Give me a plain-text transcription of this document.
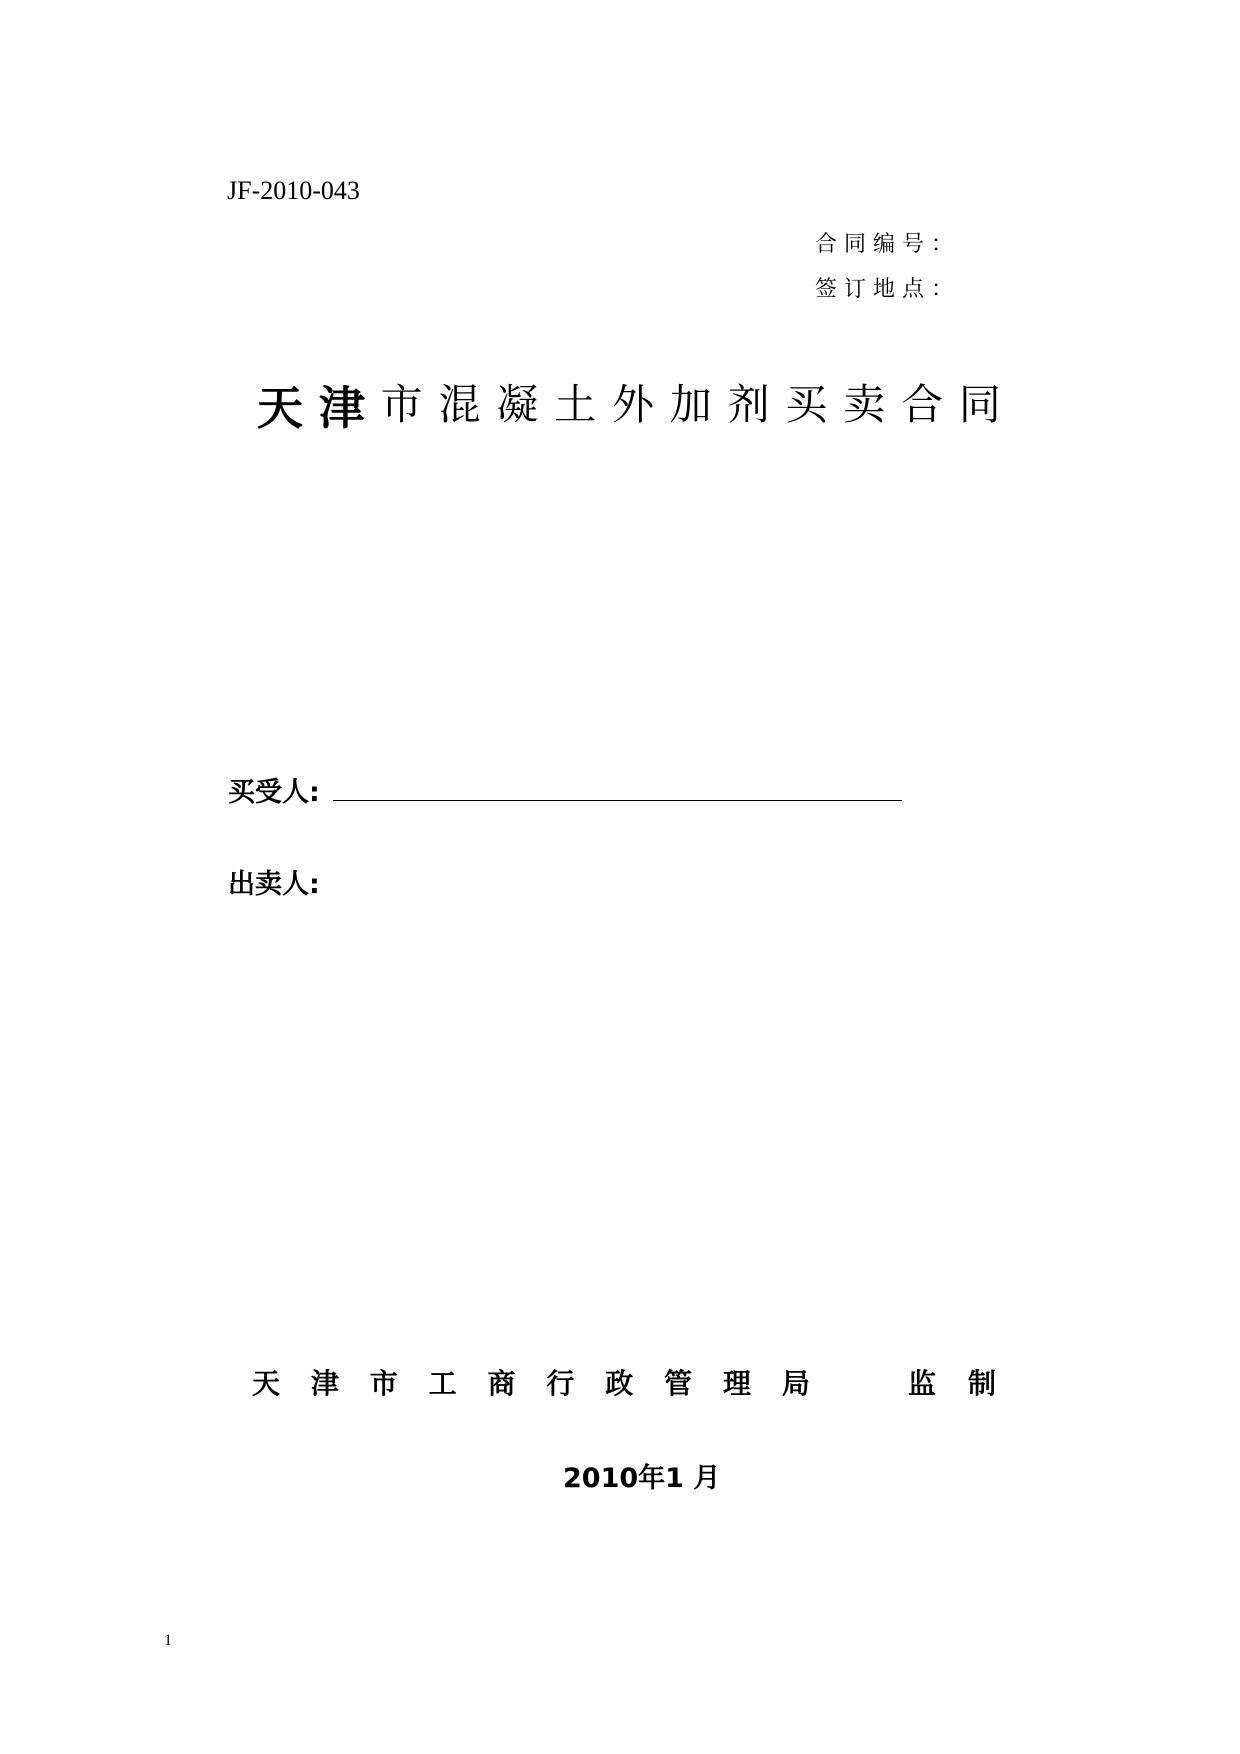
JF-2010-043
合同编号：
签订地点：
天 津 市 混 凝 土 外 加 剂 买 卖 合 同
买受人:
出卖人:
天 津 市 工 商 行 政 管 理 局	监 制
2010年1 月
1
